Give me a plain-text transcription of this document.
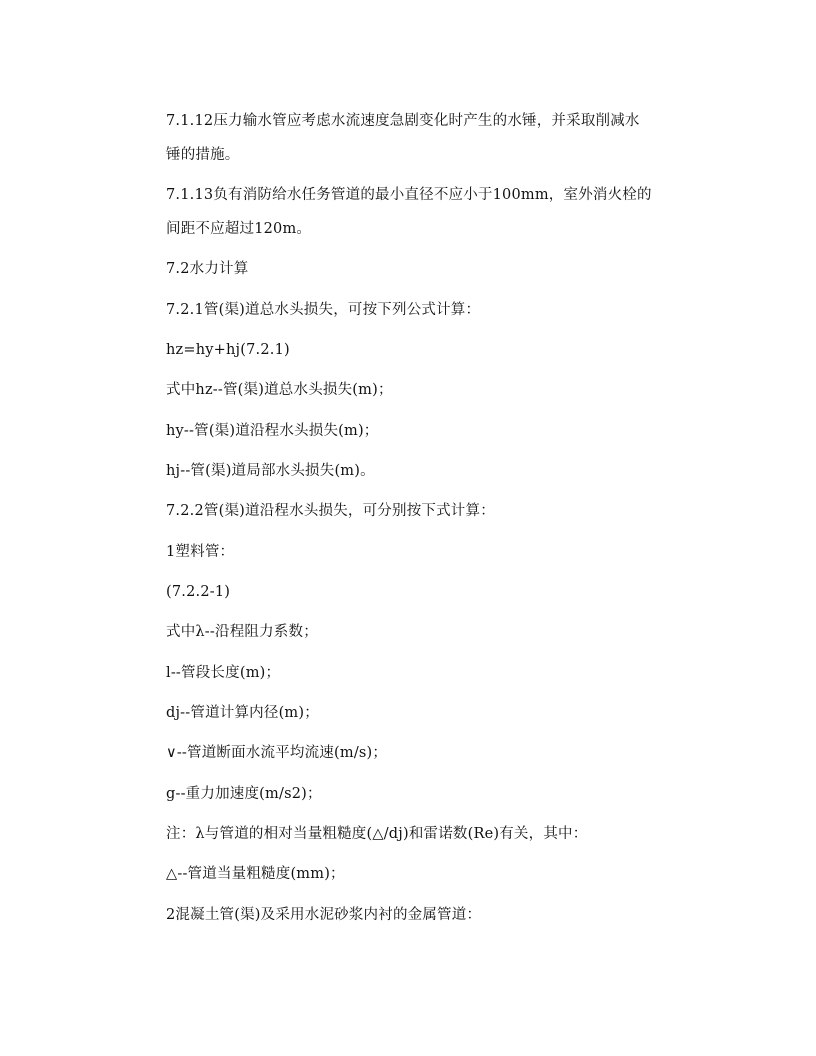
7.1.12压力输水管应考虑水流速度急剧变化时产生的水锤，并采取削减水
锤的措施。
7.1.13负有消防给水任务管道的最小直径不应小于100mm，室外消火栓的
间距不应超过120m。
7.2水力计算
7.2.1管(渠)道总水头损失，可按下列公式计算：
hz=hy+hj(7.2.1)
式中hz--管(渠)道总水头损失(m)；
hy--管(渠)道沿程水头损失(m)；
hj--管(渠)道局部水头损失(m)。
7.2.2管(渠)道沿程水头损失，可分别按下式计算：
1塑料管：
(7.2.2-1)
式中λ--沿程阻力系数；
l--管段长度(m)；
dj--管道计算内径(m)；
∨--管道断面水流平均流速(m/s)；
g--重力加速度(m/s2)；
注：λ与管道的相对当量粗糙度(△/dj)和雷诺数(Re)有关，其中：
△--管道当量粗糙度(mm)；
2混凝土管(渠)及采用水泥砂浆内衬的金属管道：
